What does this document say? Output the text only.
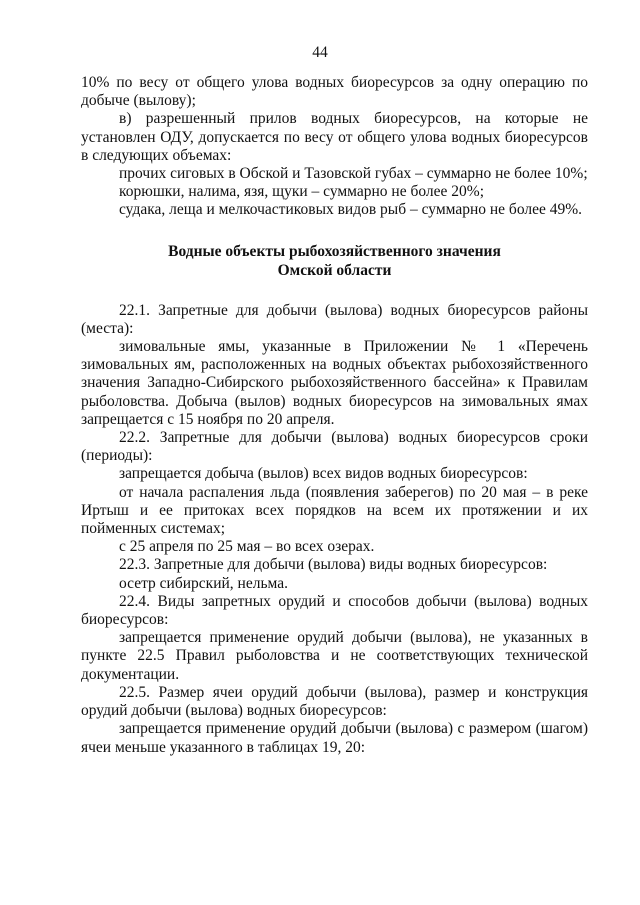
44

10% по весу от общего улова водных биоресурсов за одну операцию по добыче (вылову);

в) разрешенный прилов водных биоресурсов, на которые не установлен ОДУ, допускается по весу от общего улова водных биоресурсов в следующих объемах:

прочих сиговых в Обской и Тазовской губах – суммарно не более 10%;

корюшки, налима, язя, щуки – суммарно не более 20%;

судака, леща и мелкочастиковых видов рыб – суммарно не более 49%.

Водные объекты рыбохозяйственного значения
Омской области

22.1. Запретные для добычи (вылова) водных биоресурсов районы (места):

зимовальные ямы, указанные в Приложении № 1 «Перечень зимовальных ям, расположенных на водных объектах рыбохозяйственного значения Западно-Сибирского рыбохозяйственного бассейна» к Правилам рыболовства. Добыча (вылов) водных биоресурсов на зимовальных ямах запрещается с 15 ноября по 20 апреля.

22.2. Запретные для добычи (вылова) водных биоресурсов сроки (периоды):

запрещается добыча (вылов) всех видов водных биоресурсов:

от начала распаления льда (появления заберегов) по 20 мая – в реке Иртыш и ее притоках всех порядков на всем их протяжении и их пойменных системах;

с 25 апреля по 25 мая – во всех озерах.

22.3. Запретные для добычи (вылова) виды водных биоресурсов:

осетр сибирский, нельма.

22.4. Виды запретных орудий и способов добычи (вылова) водных биоресурсов:

запрещается применение орудий добычи (вылова), не указанных в пункте 22.5 Правил рыболовства и не соответствующих технической документации.

22.5. Размер ячеи орудий добычи (вылова), размер и конструкция орудий добычи (вылова) водных биоресурсов:

запрещается применение орудий добычи (вылова) с размером (шагом) ячеи меньше указанного в таблицах 19, 20:
